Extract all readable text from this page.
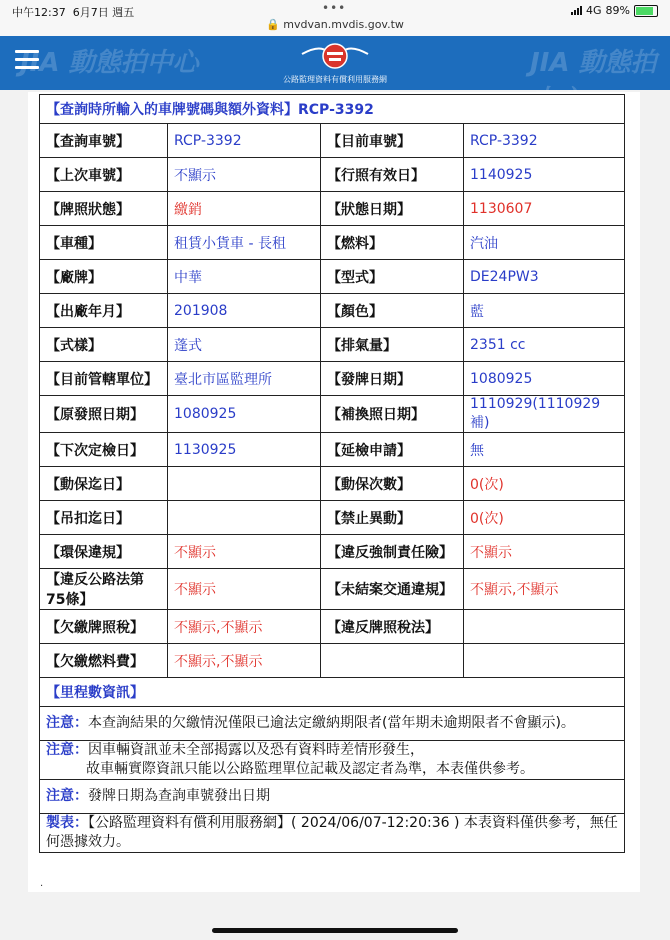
中午12:37 6月7日 週五	•••
🔒 mvdvan.mvdis.gov.tw
4G 89%
JIA 動態拍中心	JIA 動態拍
公路監理資料有償利用服務網
【查詢時所輸入的車牌號碼與額外資料】RCP-3392			
【查詢車號】	RCP-3392	【目前車號】	RCP-3392
【上次車號】	不顯示	【行照有效日】	1140925
【牌照狀態】	繳銷	【狀態日期】	1130607
【車種】	租賃小貨車 - 長租	【燃料】	汽油
【廠牌】	中華	【型式】	DE24PW3
【出廠年月】	201908	【顏色】	藍
【式樣】	蓬式	【排氣量】	2351 cc
【目前管轄單位】	臺北市區監理所	【發牌日期】	1080925
【原發照日期】	1080925	【補換照日期】	1110929(1110929補)
【下次定檢日】	1130925	【延檢申請】	無
【動保迄日】		【動保次數】	0(次)
【吊扣迄日】		【禁止異動】	0(次)
【環保違規】	不顯示	【違反強制責任險】	不顯示
【違反公路法第75條】	不顯示	【未結案交通違規】	不顯示,不顯示
【欠繳牌照稅】	不顯示,不顯示	【違反牌照稅法】	
【欠繳燃料費】	不顯示,不顯示		
【里程數資訊】			
注意：本查詢結果的欠繳情況僅限已逾法定繳納期限者(當年期未逾期限者不會顯示)。			
注意：因車輛資訊並未全部揭露以及恐有資料時差情形發生，
故車輛實際資訊只能以公路監理單位記載及認定者為準，本表僅供參考。			
注意：發牌日期為查詢車號發出日期			
製表：【公路監理資料有償利用服務網】( 2024/06/07-12:20:36 ) 本表資料僅供參考，無任何憑據效力。			
.
